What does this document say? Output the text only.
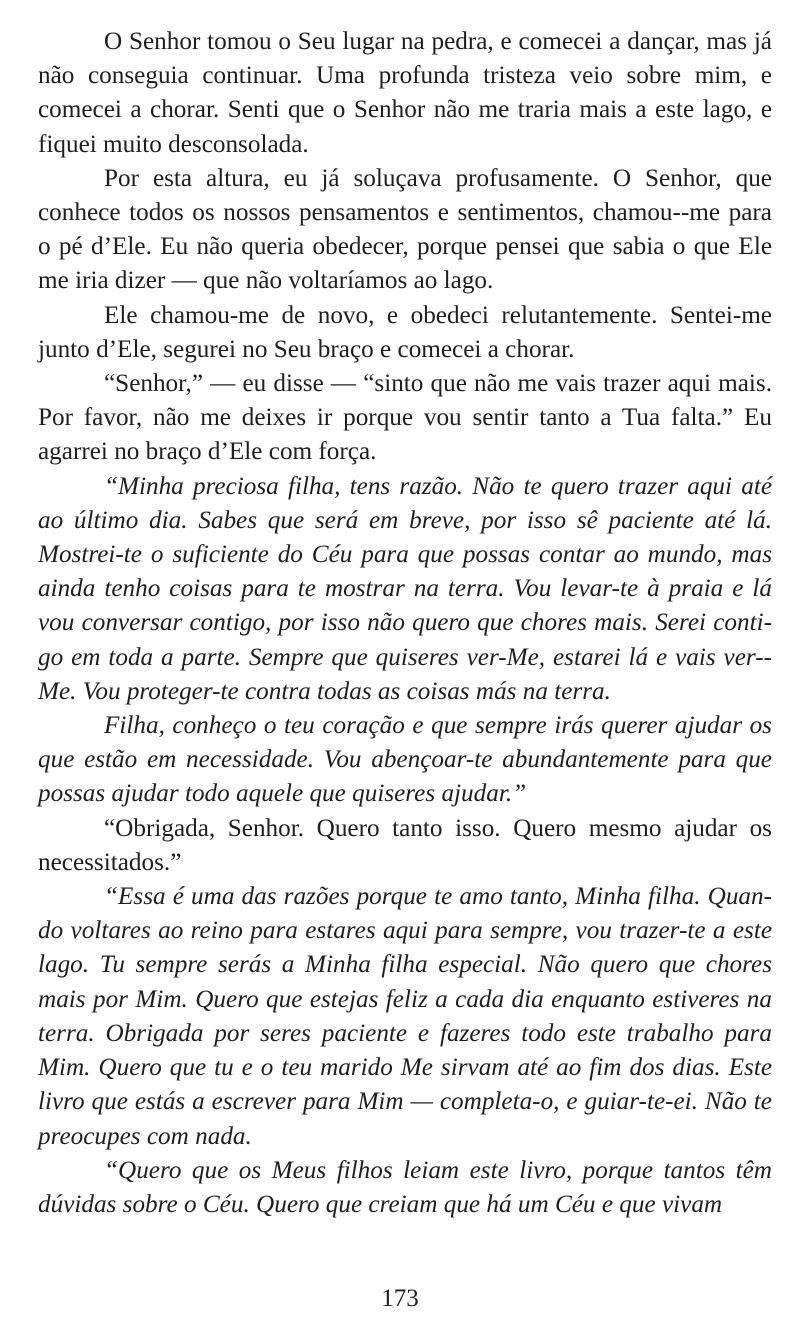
O Senhor tomou o Seu lugar na pedra, e comecei a dançar, mas já não conseguia continuar. Uma profunda tristeza veio sobre mim, e comecei a chorar. Senti que o Senhor não me traria mais a este lago, e fiquei muito desconsolada.

Por esta altura, eu já soluçava profusamente. O Senhor, que conhece todos os nossos pensamentos e sentimentos, chamou-​-me para o pé d’Ele. Eu não queria obedecer, porque pensei que sabia o que Ele me iria dizer — que não voltaríamos ao lago.

Ele chamou-me de novo, e obedeci relutantemente. Sentei-me junto d’Ele, segurei no Seu braço e comecei a chorar.

“Senhor,” — eu disse — “sinto que não me vais trazer aqui mais. Por favor, não me deixes ir porque vou sentir tanto a Tua falta.” Eu agarrei no braço d’Ele com força.

“Minha preciosa filha, tens razão. Não te quero trazer aqui até ao último dia. Sabes que será em breve, por isso sê paciente até lá. Mostrei-te o suficiente do Céu para que possas contar ao mundo, mas ainda tenho coisas para te mostrar na terra. Vou levar-te à praia e lá vou conversar contigo, por isso não quero que chores mais. Serei contigo em toda a parte. Sempre que quiseres ver-Me, estarei lá e vais ver-​-Me. Vou proteger-te contra todas as coisas más na terra.

Filha, conheço o teu coração e que sempre irás querer ajudar os que estão em necessidade. Vou abençoar-te abundantemente para que possas ajudar todo aquele que quiseres ajudar.”

“Obrigada, Senhor. Quero tanto isso. Quero mesmo ajudar os necessitados.”

“Essa é uma das razões porque te amo tanto, Minha filha. Quando voltares ao reino para estares aqui para sempre, vou trazer-te a este lago. Tu sempre serás a Minha filha especial. Não quero que chores mais por Mim. Quero que estejas feliz a cada dia enquanto estiveres na terra. Obrigada por seres paciente e fazeres todo este trabalho para Mim. Quero que tu e o teu marido Me sirvam até ao fim dos dias. Este livro que estás a escrever para Mim — completa-o, e guiar-te-ei. Não te preocupes com nada.

“Quero que os Meus filhos leiam este livro, porque tantos têm dúvidas sobre o Céu. Quero que creiam que há um Céu e que vivam

173
